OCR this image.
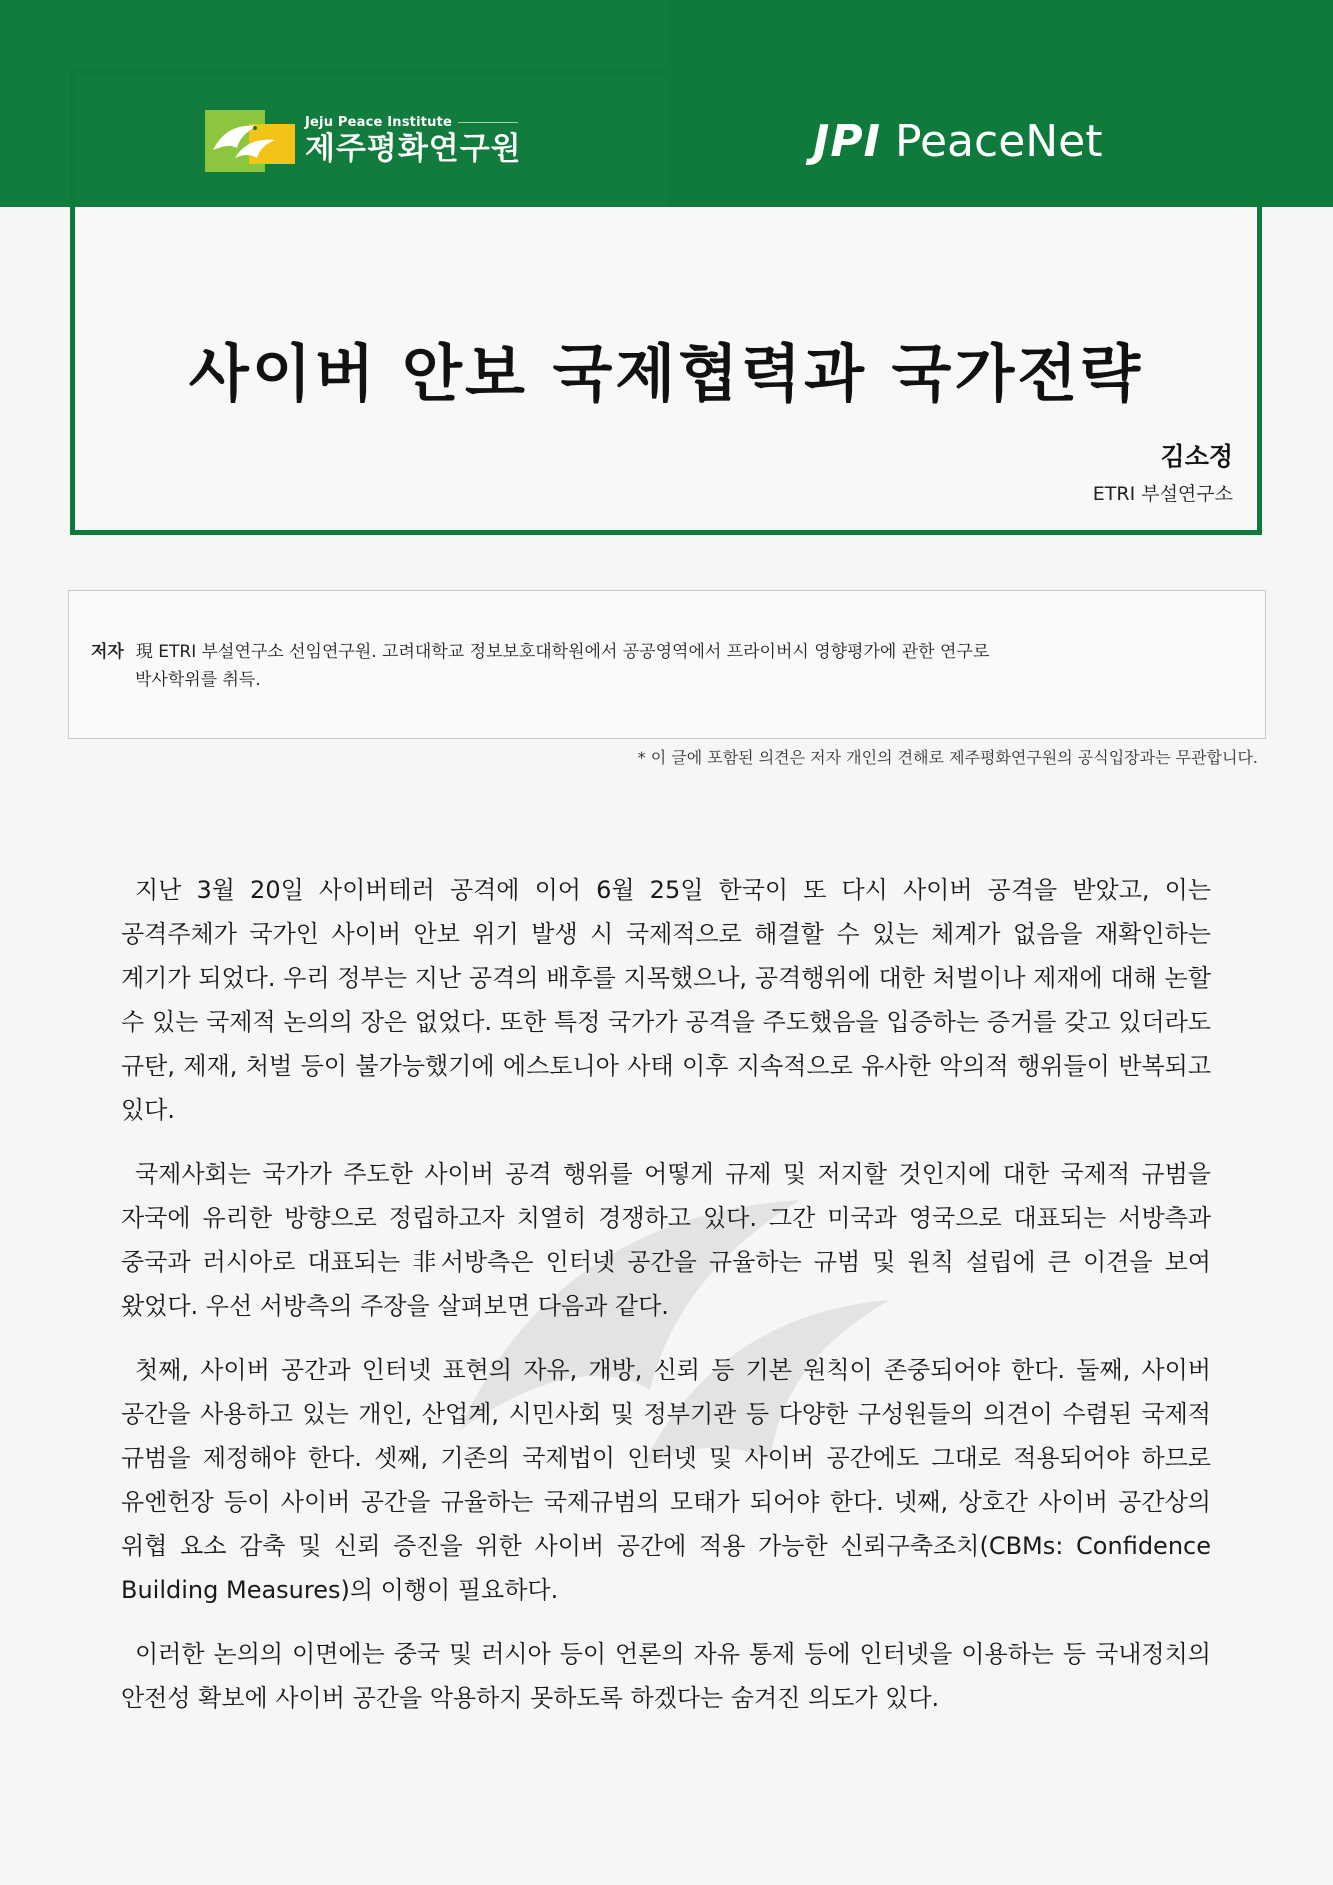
Jeju Peace Institute
제주평화연구원	JPI PeaceNet
사이버 안보 국제협력과 국가전략
김소정
ETRI 부설연구소
저자 現 ETRI 부설연구소 선임연구원. 고려대학교 정보보호대학원에서 공공영역에서 프라이버시 영향평가에 관한 연구로
박사학위를 취득.
* 이 글에 포함된 의견은 저자 개인의 견해로 제주평화연구원의 공식입장과는 무관합니다.

지난 3월 20일 사이버테러 공격에 이어 6월 25일 한국이 또 다시 사이버 공격을 받았고, 이는 공격주체가 국가인 사이버 안보 위기 발생 시 국제적으로 해결할 수 있는 체계가 없음을 재확인하는 계기가 되었다. 우리 정부는 지난 공격의 배후를 지목했으나, 공격행위에 대한 처벌이나 제재에 대해 논할 수 있는 국제적 논의의 장은 없었다. 또한 특정 국가가 공격을 주도했음을 입증하는 증거를 갖고 있더라도 규탄, 제재, 처벌 등이 불가능했기에 에스토니아 사태 이후 지속적으로 유사한 악의적 행위들이 반복되고 있다.

국제사회는 국가가 주도한 사이버 공격 행위를 어떻게 규제 및 저지할 것인지에 대한 국제적 규범을 자국에 유리한 방향으로 정립하고자 치열히 경쟁하고 있다. 그간 미국과 영국으로 대표되는 서방측과 중국과 러시아로 대표되는 非서방측은 인터넷 공간을 규율하는 규범 및 원칙 설립에 큰 이견을 보여 왔었다. 우선 서방측의 주장을 살펴보면 다음과 같다.

첫째, 사이버 공간과 인터넷 표현의 자유, 개방, 신뢰 등 기본 원칙이 존중되어야 한다. 둘째, 사이버 공간을 사용하고 있는 개인, 산업계, 시민사회 및 정부기관 등 다양한 구성원들의 의견이 수렴된 국제적 규범을 제정해야 한다. 셋째, 기존의 국제법이 인터넷 및 사이버 공간에도 그대로 적용되어야 하므로 유엔헌장 등이 사이버 공간을 규율하는 국제규범의 모태가 되어야 한다. 넷째, 상호간 사이버 공간상의 위협 요소 감축 및 신뢰 증진을 위한 사이버 공간에 적용 가능한 신뢰구축조치(CBMs: Confidence Building Measures)의 이행이 필요하다.

이러한 논의의 이면에는 중국 및 러시아 등이 언론의 자유 통제 등에 인터넷을 이용하는 등 국내정치의 안전성 확보에 사이버 공간을 악용하지 못하도록 하겠다는 숨겨진 의도가 있다.
